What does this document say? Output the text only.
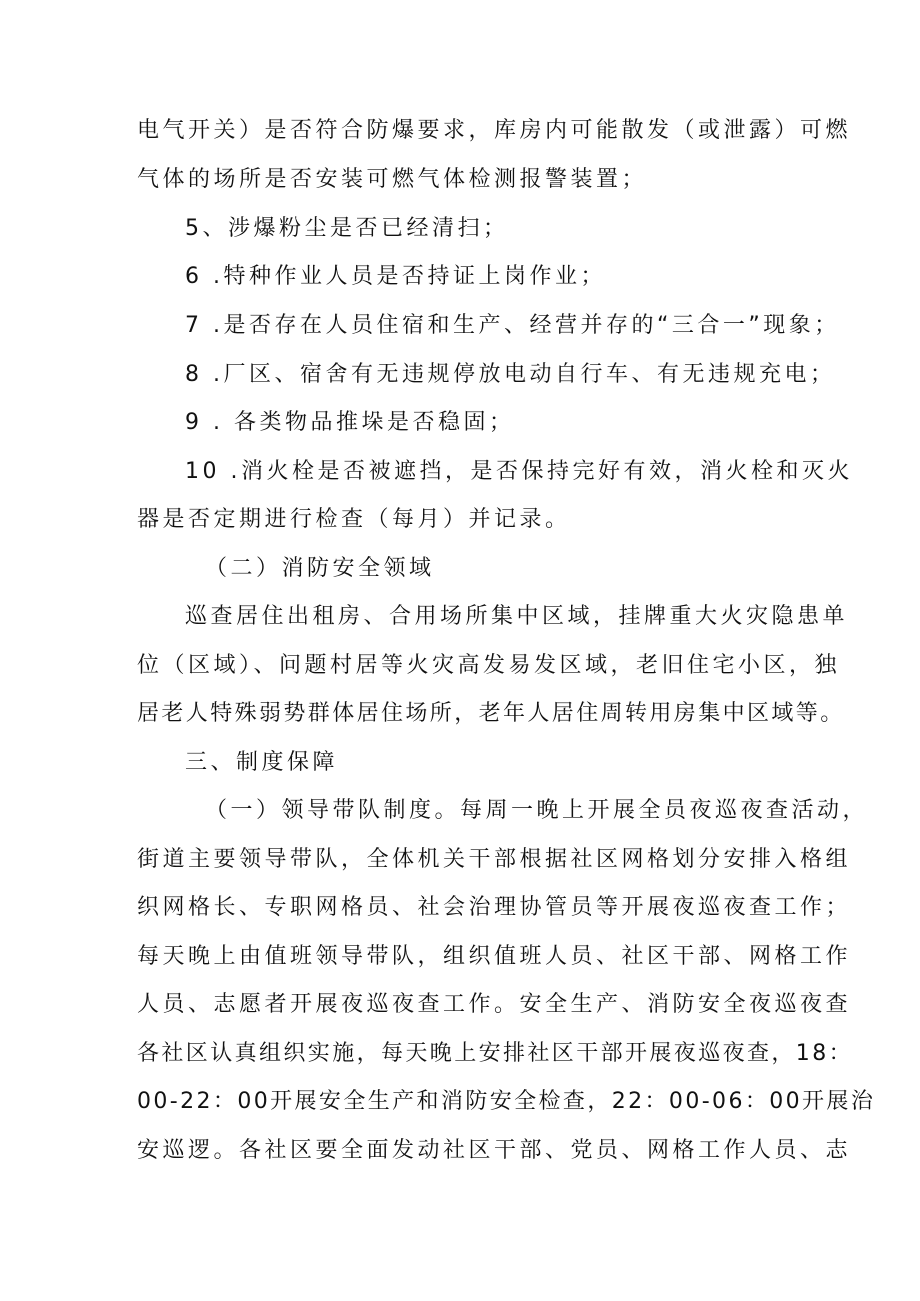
电气开关）是否符合防爆要求，库房内可能散发（或泄露）可燃

气体的场所是否安装可燃气体检测报警装置；

5、涉爆粉尘是否已经清扫；

6 .特种作业人员是否持证上岗作业；

7 .是否存在人员住宿和生产、经营并存的“三合一”现象；

8 .厂区、宿舍有无违规停放电动自行车、有无违规充电；

9 . 各类物品推垛是否稳固；

10 .消火栓是否被遮挡，是否保持完好有效，消火栓和灭火

器是否定期进行检查（每月）并记录。

（二）消防安全领域

巡查居住出租房、合用场所集中区域，挂牌重大火灾隐患单

位（区域）、问题村居等火灾高发易发区域，老旧住宅小区，独

居老人特殊弱势群体居住场所，老年人居住周转用房集中区域等。

三、制度保障

（一）领导带队制度。每周一晚上开展全员夜巡夜查活动，

街道主要领导带队，全体机关干部根据社区网格划分安排入格组

织网格长、专职网格员、社会治理协管员等开展夜巡夜查工作；

每天晚上由值班领导带队，组织值班人员、社区干部、网格工作

人员、志愿者开展夜巡夜查工作。安全生产、消防安全夜巡夜查

各社区认真组织实施，每天晚上安排社区干部开展夜巡夜查，18：

00-22：00开展安全生产和消防安全检查，22：00-06：00开展治

安巡逻。各社区要全面发动社区干部、党员、网格工作人员、志
